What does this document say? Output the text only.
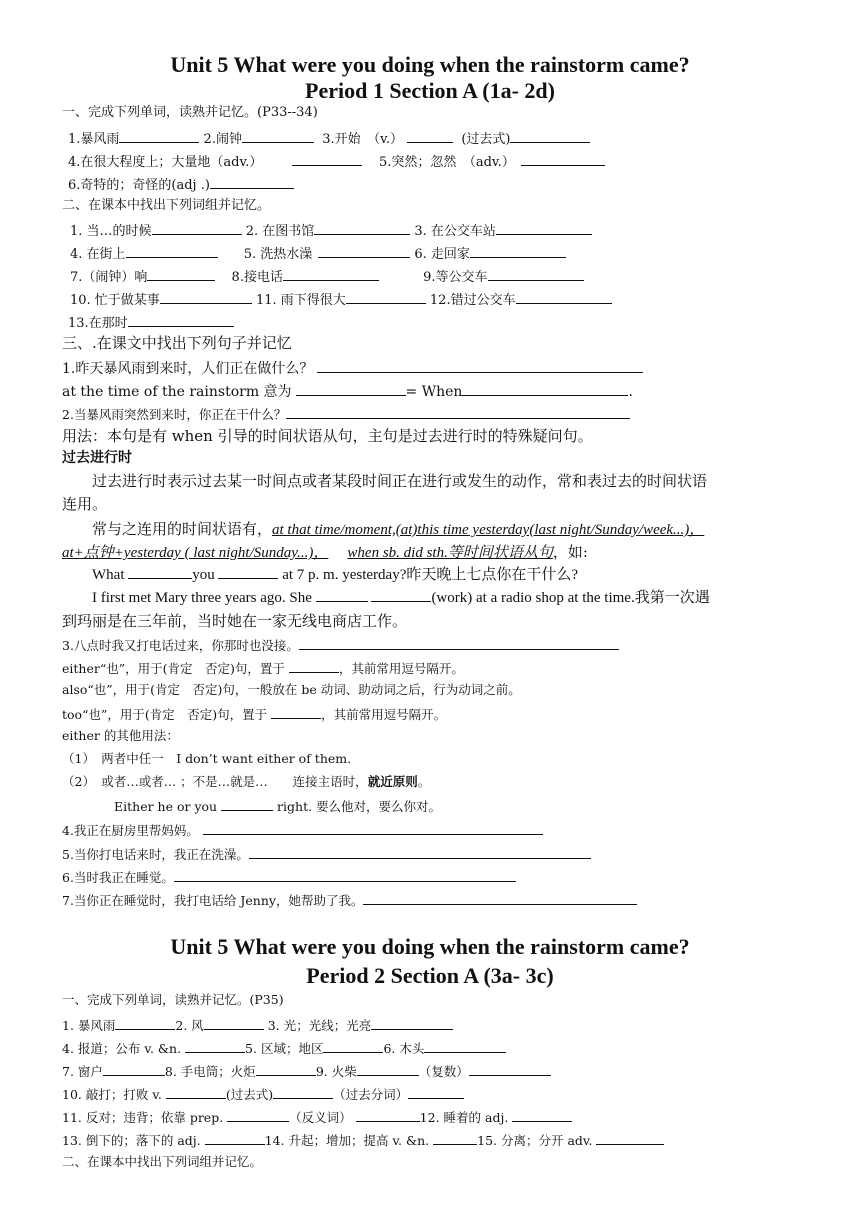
Unit 5 What were you doing when the rainstorm came?
Period 1 Section A (1a- 2d)
一、完成下列单词，读熟并记忆。(P33--34)
1.暴风雨	2.闹钟	3.开始　（v.）	(过去式)
4.在很大程度上；大量地（adv.）	5.突然；忽然　（adv.）
6.奇特的；奇怪的(adj .)
二、在课本中找出下列词组并记忆。
1. 当…的时候	2. 在图书馆	3. 在公交车站
4. 在街上	5. 洗热水澡	6. 走回家
7.（闹钟）响	8.接电话	9.等公交车
10. 忙于做某事	11. 雨下得很大	12.错过公交车
13.在那时
三、.在课文中找出下列句子并记忆
1.昨天暴风雨到来时，人们正在做什么？
at the time of the rainstorm 意为	= When	.
2.当暴风雨突然到来时，你正在干什么？
用法：本句是有 when 引导的时间状语从句，主句是过去进行时的特殊疑问句。
过去进行时
过去进行时表示过去某一时间点或者某段时间正在进行或发生的动作，常和表过去的时间状语
连用。
常与之连用的时间状语有，at that time/moment,(at)this time yesterday(last night/Sunday/week...)，
at+点钟+yesterday ( last night/Sunday...)， when sb. did sth.等时间状语从句，如:
What	you	at 7 p. m. yesterday?昨天晚上七点你在干什么?
I first met Mary three years ago. She	(work) at a radio shop at the time.我第一次遇
到玛丽是在三年前，当时她在一家无线电商店工作。
3.八点时我又打电话过来，你那时也没接。
either“也”，用于(肯定　否定)句，置于	，其前常用逗号隔开。
also“也”，用于(肯定　否定)句，一般放在 be 动词、助动词之后，行为动词之前。
too“也”，用于(肯定　否定)句，置于	，其前常用逗号隔开。
either 的其他用法：
（1）　两者中任一　I don’t want either of them.
（2）　或者…或者… ；不是…就是…　　连接主语时，就近原则。
Either he or you	right. 要么他对，要么你对。
4.我正在厨房里帮妈妈。
5.当你打电话来时，我正在洗澡。
6.当时我正在睡觉。
7.当你正在睡觉时，我打电话给 Jenny，她帮助了我。
Unit 5 What were you doing when the rainstorm came?
Period 2 Section A (3a- 3c)
一、完成下列单词，读熟并记忆。(P35)
1. 暴风雨	2. 风	3. 光；光线；光亮
4. 报道；公布 v. &n.	5. 区域；地区	6. 木头
7. 窗户	8. 手电筒；火炬	9. 火柴	（复数）
10. 敲打；打败 v.	(过去式)	（过去分词）
11. 反对；违背；依靠 prep.	（反义词）	12. 睡着的 adj.
13. 倒下的；落下的 adj.	14. 升起；增加；提高 v. &n.	15. 分离；分开 adv.
二、在课本中找出下列词组并记忆。
